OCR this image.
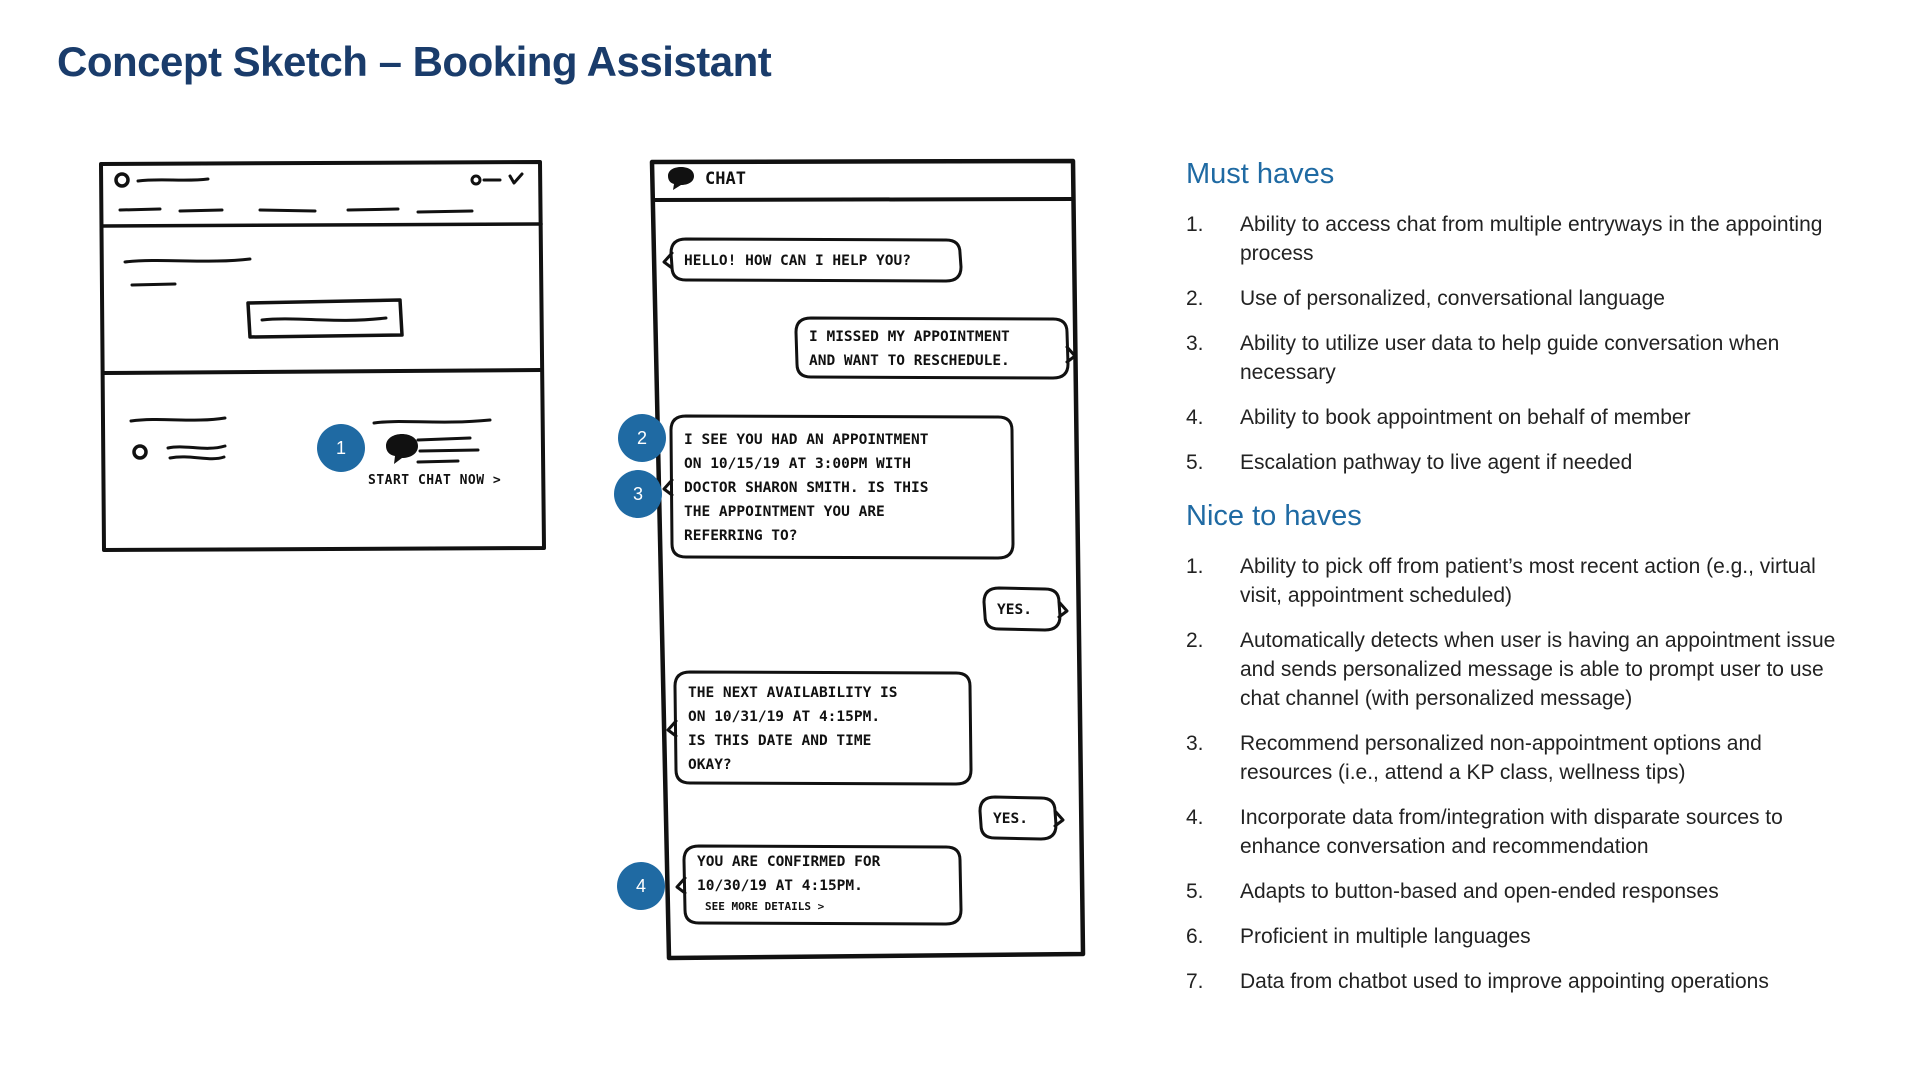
Concept Sketch – Booking Assistant
START CHAT NOW >
CHAT
HELLO! HOW CAN I HELP YOU?
I MISSED MY APPOINTMENT
AND WANT TO RESCHEDULE.
I SEE YOU HAD AN APPOINTMENT
ON 10/15/19 AT 3:00PM WITH
DOCTOR SHARON SMITH. IS THIS
THE APPOINTMENT YOU ARE
REFERRING TO?
YES.
THE NEXT AVAILABILITY IS
ON 10/31/19 AT 4:15PM.
IS THIS DATE AND TIME
OKAY?
YES.
YOU ARE CONFIRMED FOR
10/30/19 AT 4:15PM.
SEE MORE DETAILS >
1	2
3
4
Must haves
1.	Ability to access chat from multiple entryways in the appointing process
2.	Use of personalized, conversational language
3.	Ability to utilize user data to help guide conversation when necessary
4.	Ability to book appointment on behalf of member
5.	Escalation pathway to live agent if needed
Nice to haves
1.	Ability to pick off from patient’s most recent action (e.g., virtual visit, appointment scheduled)
2.	Automatically detects when user is having an appointment issue and sends personalized message is able to prompt user to use chat channel (with personalized message)
3.	Recommend personalized non-appointment options and resources (i.e., attend a KP class, wellness tips)
4.	Incorporate data from/integration with disparate sources to enhance conversation and recommendation
5.	Adapts to button-based and open-ended responses
6.	Proficient in multiple languages
7.	Data from chatbot used to improve appointing operations
